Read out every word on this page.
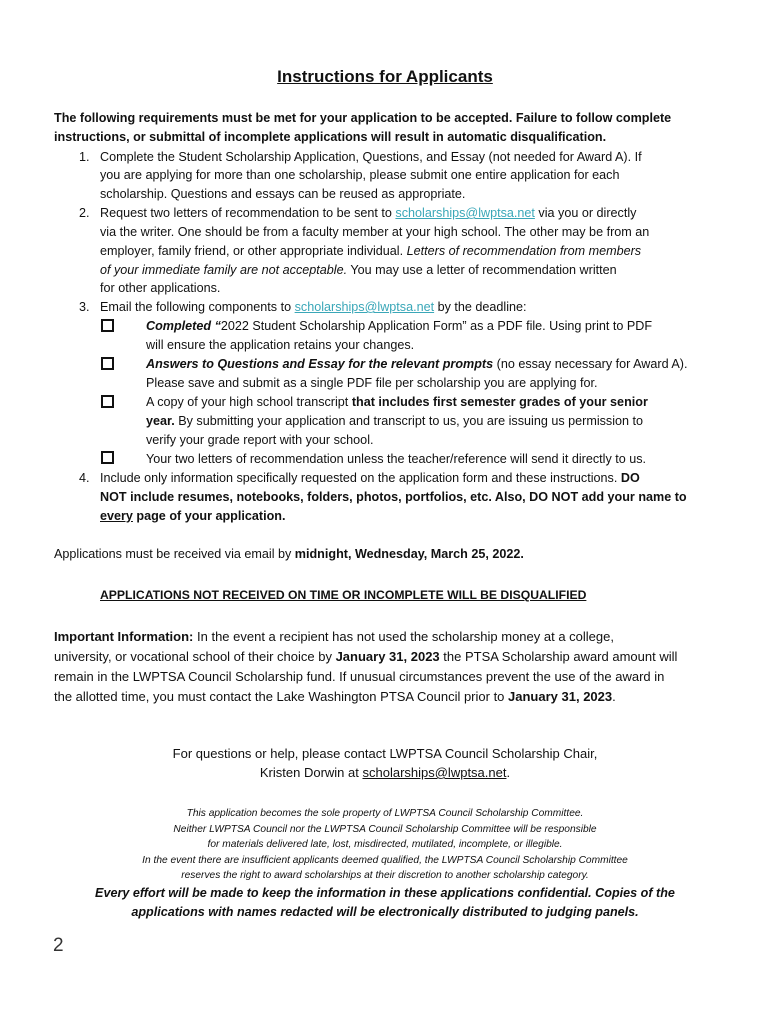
Instructions for Applicants
The following requirements must be met for your application to be accepted. Failure to follow complete
instructions, or submittal of incomplete applications will result in automatic disqualification.
1. Complete the Student Scholarship Application, Questions, and Essay (not needed for Award A). If
you are applying for more than one scholarship, please submit one entire application for each
scholarship. Questions and essays can be reused as appropriate.
2. Request two letters of recommendation to be sent to scholarships@lwptsa.net via you or directly
via the writer. One should be from a faculty member at your high school. The other may be from an
employer, family friend, or other appropriate individual. Letters of recommendation from members
of your immediate family are not acceptable. You may use a letter of recommendation written
for other applications.
3. Email the following components to scholarships@lwptsa.net by the deadline:
Completed “2022 Student Scholarship Application Form” as a PDF file. Using print to PDF
will ensure the application retains your changes.
Answers to Questions and Essay for the relevant prompts (no essay necessary for Award A).
Please save and submit as a single PDF file per scholarship you are applying for.
A copy of your high school transcript that includes first semester grades of your senior
year. By submitting your application and transcript to us, you are issuing us permission to
verify your grade report with your school.
Your two letters of recommendation unless the teacher/reference will send it directly to us.
4. Include only information specifically requested on the application form and these instructions. DO
NOT include resumes, notebooks, folders, photos, portfolios, etc. Also, DO NOT add your name to
every page of your application.
Applications must be received via email by midnight, Wednesday, March 25, 2022.
APPLICATIONS NOT RECEIVED ON TIME OR INCOMPLETE WILL BE DISQUALIFIED
Important Information: In the event a recipient has not used the scholarship money at a college,
university, or vocational school of their choice by January 31, 2023 the PTSA Scholarship award amount will
remain in the LWPTSA Council Scholarship fund. If unusual circumstances prevent the use of the award in
the allotted time, you must contact the Lake Washington PTSA Council prior to January 31, 2023.
For questions or help, please contact LWPTSA Council Scholarship Chair,
Kristen Dorwin at scholarships@lwptsa.net.
This application becomes the sole property of LWPTSA Council Scholarship Committee.
Neither LWPTSA Council nor the LWPTSA Council Scholarship Committee will be responsible
for materials delivered late, lost, misdirected, mutilated, incomplete, or illegible.
In the event there are insufficient applicants deemed qualified, the LWPTSA Council Scholarship Committee
reserves the right to award scholarships at their discretion to another scholarship category.
Every effort will be made to keep the information in these applications confidential. Copies of the
applications with names redacted will be electronically distributed to judging panels.
2
